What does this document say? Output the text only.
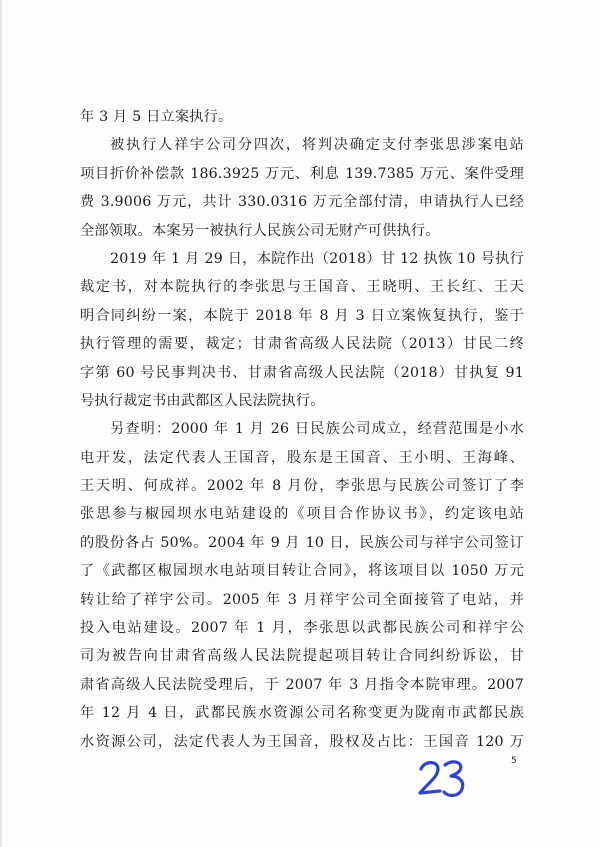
年 3 月 5 日立案执行。
被执行人祥宇公司分四次，将判决确定支付李张思涉案电站
项目折价补偿款 186.3925 万元、利息 139.7385 万元、案件受理
费 3.9006 万元，共计 330.0316 万元全部付清，申请执行人已经
全部领取。本案另一被执行人民族公司无财产可供执行。
2019 年 1 月 29 日，本院作出（2018）甘 12 执恢 10 号执行
裁定书，对本院执行的李张思与王国音、王晓明、王长红、王天
明合同纠纷一案，本院于 2018 年 8 月 3 日立案恢复执行，鉴于
执行管理的需要，裁定；甘肃省高级人民法院（2013）甘民二终
字第 60 号民事判决书、甘肃省高级人民法院（2018）甘执复 91
号执行裁定书由武都区人民法院执行。
另查明：2000 年 1 月 26 日民族公司成立，经营范围是小水
电开发，法定代表人王国音，股东是王国音、王小明、王海峰、
王天明、何成祥。2002 年 8 月份，李张思与民族公司签订了李
张思参与椒园坝水电站建设的《项目合作协议书》，约定该电站
的股份各占 50%。2004 年 9 月 10 日，民族公司与祥宇公司签订
了《武都区椒园坝水电站项目转让合同》，将该项目以 1050 万元
转让给了祥宇公司。2005 年 3 月祥宇公司全面接管了电站，并
投入电站建设。2007 年 1 月，李张思以武都民族公司和祥宇公
司为被告向甘肃省高级人民法院提起项目转让合同纠纷诉讼，甘
肃省高级人民法院受理后，于 2007 年 3 月指令本院审理。2007
年 12 月 4 日，武都民族水资源公司名称变更为陇南市武都民族
水资源公司，法定代表人为王国音，股权及占比：王国音 120 万
5
